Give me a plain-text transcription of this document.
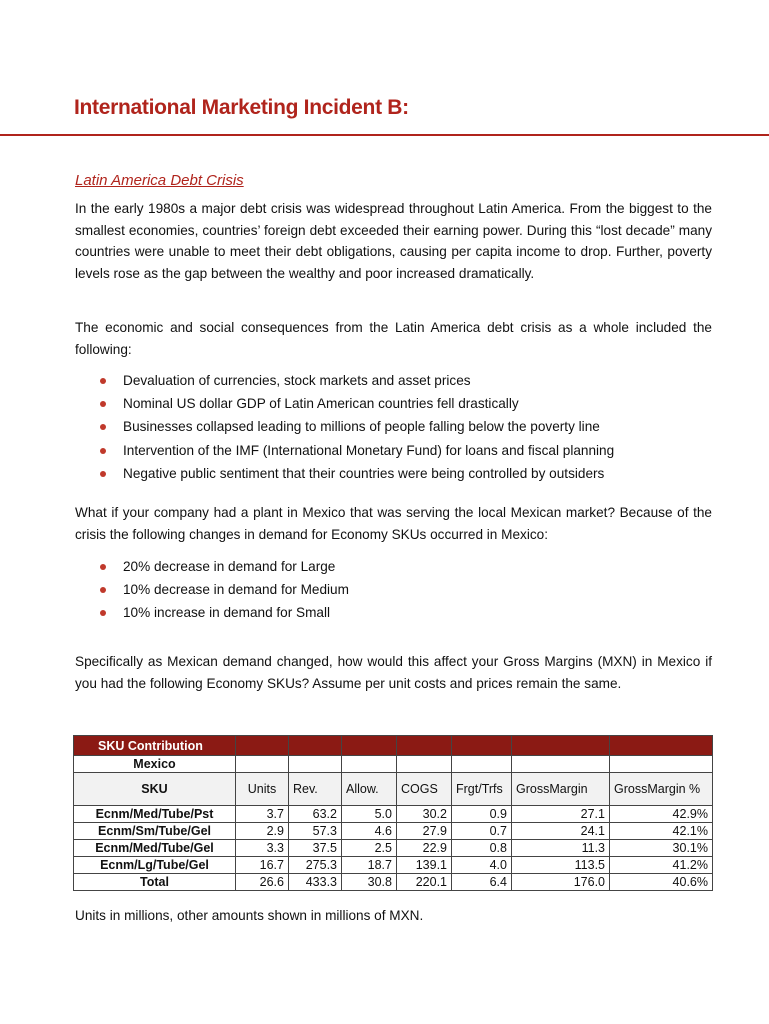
International Marketing Incident B:
Latin America Debt Crisis
In the early 1980s a major debt crisis was widespread throughout Latin America. From the biggest to the smallest economies, countries’ foreign debt exceeded their earning power. During this “lost decade” many countries were unable to meet their debt obligations, causing per capita income to drop. Further, poverty levels rose as the gap between the wealthy and poor increased dramatically.
The economic and social consequences from the Latin America debt crisis as a whole included the following:
Devaluation of currencies, stock markets and asset prices
Nominal US dollar GDP of Latin American countries fell drastically
Businesses collapsed leading to millions of people falling below the poverty line
Intervention of the IMF (International Monetary Fund) for loans and fiscal planning
Negative public sentiment that their countries were being controlled by outsiders
What if your company had a plant in Mexico that was serving the local Mexican market? Because of the crisis the following changes in demand for Economy SKUs occurred in Mexico:
20% decrease in demand for Large
10% decrease in demand for Medium
10% increase in demand for Small
Specifically as Mexican demand changed, how would this affect your Gross Margins (MXN) in Mexico if you had the following Economy SKUs? Assume per unit costs and prices remain the same.
SKU Contribution							
Mexico							
SKU	Units	Rev.	Allow.	COGS	Frgt/Trfs	GrossMargin	GrossMargin %
Ecnm/Med/Tube/Pst	3.7	63.2	5.0	30.2	0.9	27.1	42.9%
Ecnm/Sm/Tube/Gel	2.9	57.3	4.6	27.9	0.7	24.1	42.1%
Ecnm/Med/Tube/Gel	3.3	37.5	2.5	22.9	0.8	11.3	30.1%
Ecnm/Lg/Tube/Gel	16.7	275.3	18.7	139.1	4.0	113.5	41.2%
Total	26.6	433.3	30.8	220.1	6.4	176.0	40.6%
Units in millions, other amounts shown in millions of MXN.
